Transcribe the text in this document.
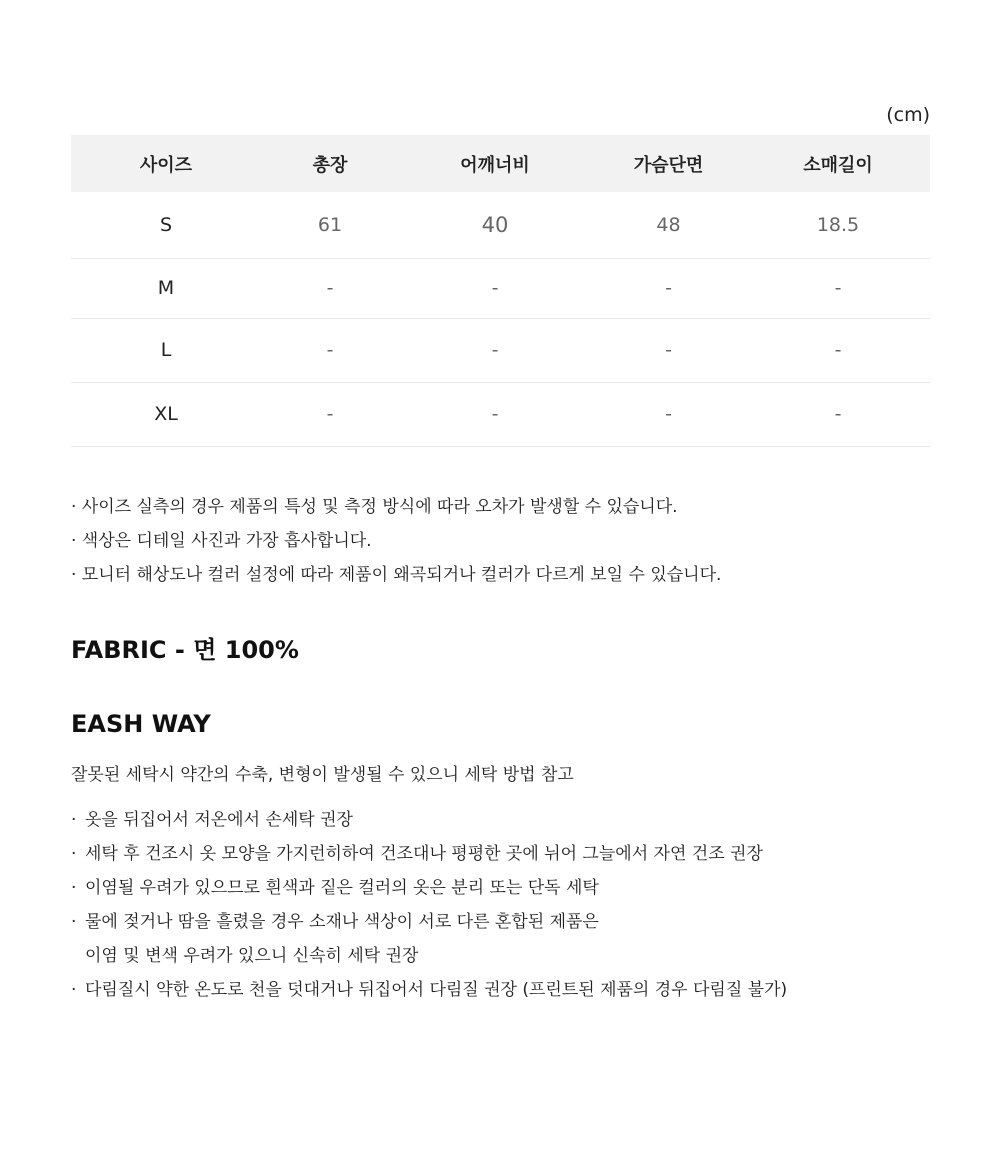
(cm)
사이즈	총장	어깨너비	가슴단면	소매길이
S	61	40	48	18.5
M	-	-	-	-
L	-	-	-	-
XL	-	-	-	-
· 사이즈 실측의 경우 제품의 특성 및 측정 방식에 따라 오차가 발생할 수 있습니다.
· 색상은 디테일 사진과 가장 흡사합니다.
· 모니터 해상도나 컬러 설정에 따라 제품이 왜곡되거나 컬러가 다르게 보일 수 있습니다.
FABRIC - 면 100%
EASH WAY

잘못된 세탁시 약간의 수축, 변형이 발생될 수 있으니 세탁 방법 참고

· 옷을 뒤집어서 저온에서 손세탁 권장
· 세탁 후 건조시 옷 모양을 가지런히하여 건조대나 평평한 곳에 뉘어 그늘에서 자연 건조 권장
· 이염될 우려가 있으므로 흰색과 짙은 컬러의 옷은 분리 또는 단독 세탁
· 물에 젖거나 땀을 흘렸을 경우 소재나 색상이 서로 다른 혼합된 제품은
이염 및 변색 우려가 있으니 신속히 세탁 권장
· 다림질시 약한 온도로 천을 덧대거나 뒤집어서 다림질 권장 (프린트된 제품의 경우 다림질 불가)
